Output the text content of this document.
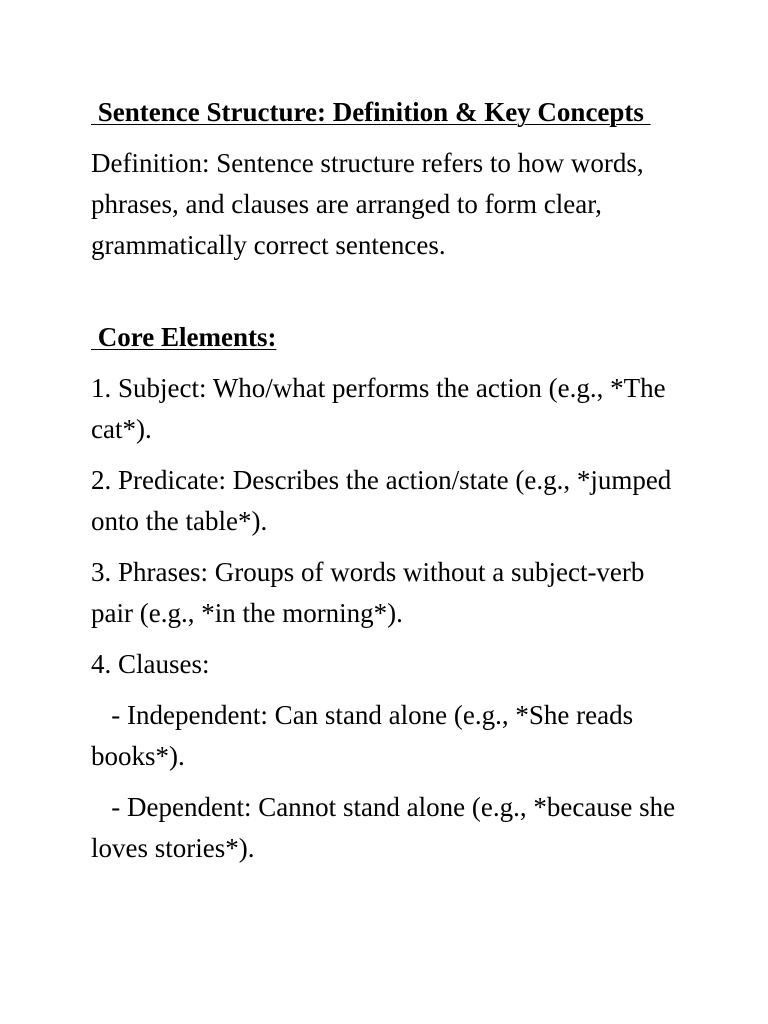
Sentence Structure: Definition & Key Concepts

Definition: Sentence structure refers to how words, phrases, and clauses are arranged to form clear, grammatically correct sentences.

Core Elements:

1. Subject: Who/what performs the action (e.g., *The cat*).

2. Predicate: Describes the action/state (e.g., *jumped onto the table*).

3. Phrases: Groups of words without a subject-verb pair (e.g., *in the morning*).

4. Clauses:

- Independent: Can stand alone (e.g., *She reads books*).

- Dependent: Cannot stand alone (e.g., *because she loves stories*).
